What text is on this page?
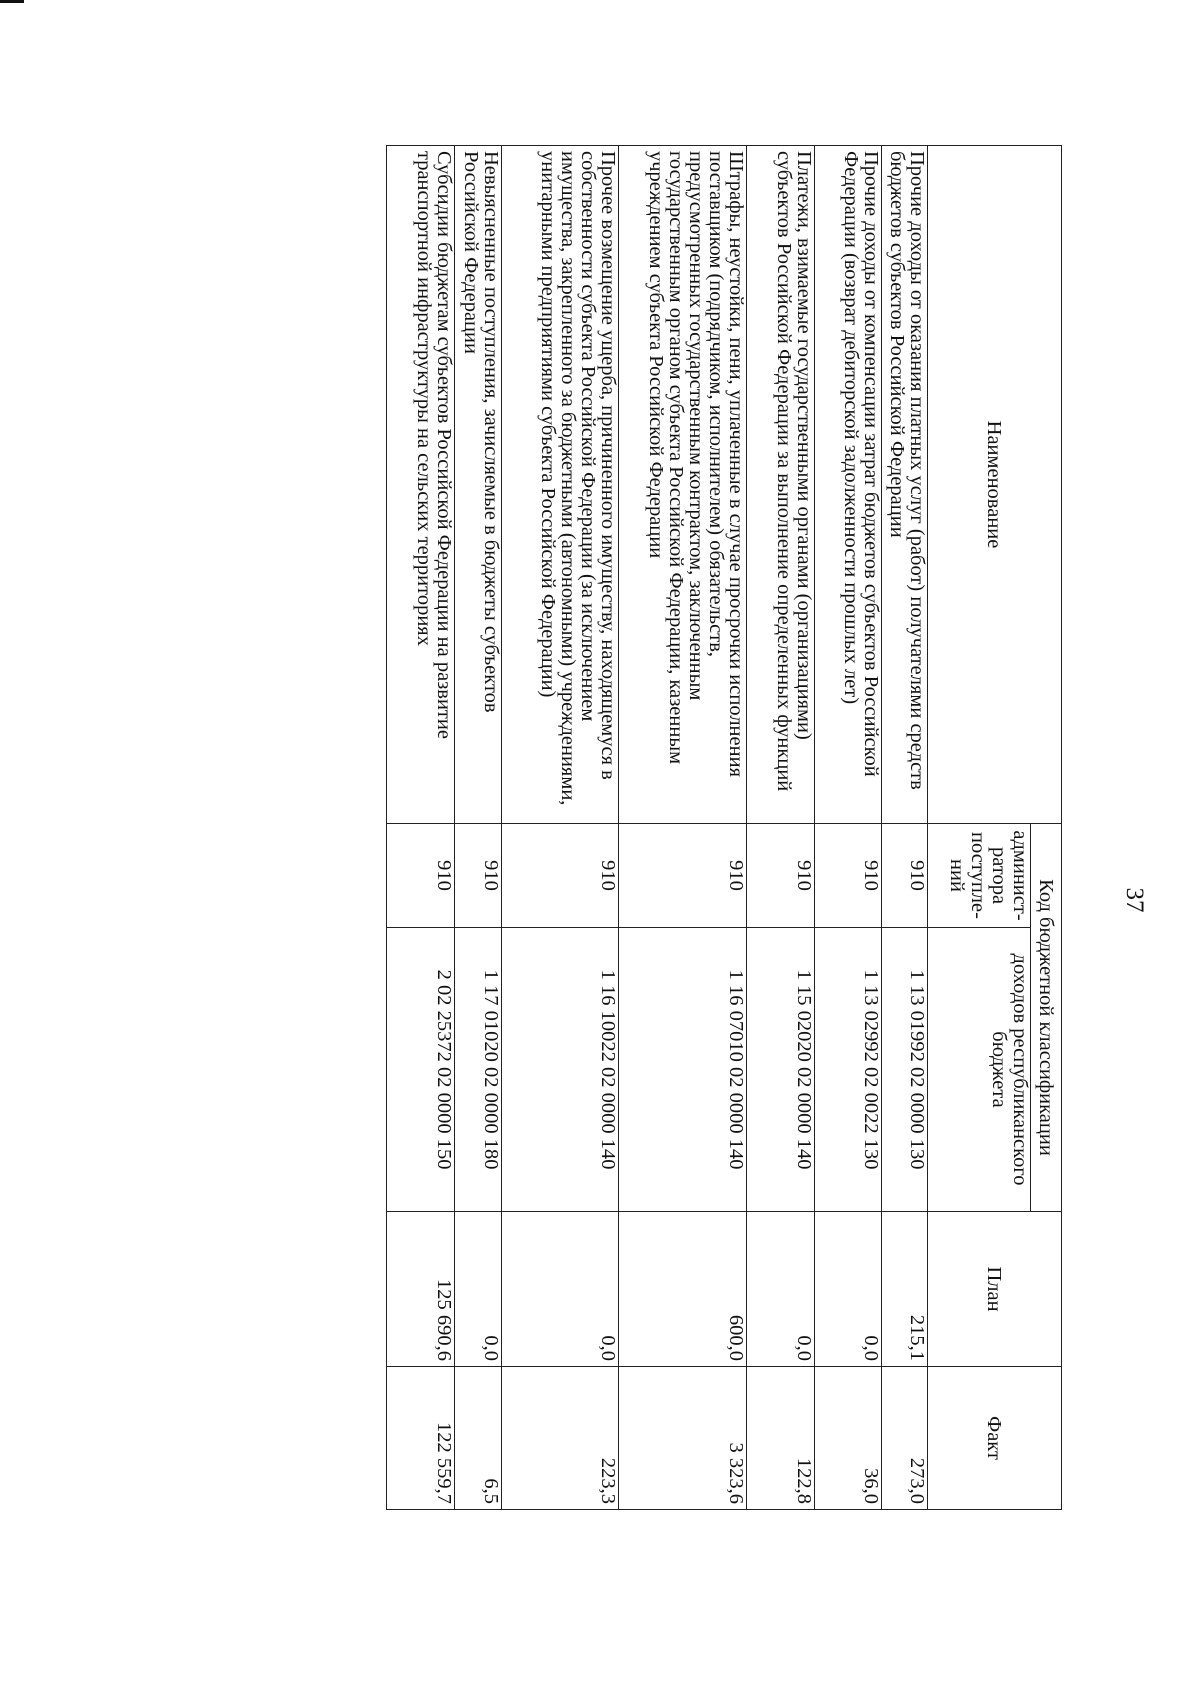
37
Наименование	Код бюджетной классификации		План	Факт
	админист-ратора поступле-ний	доходов республиканского бюджета		
Прочие доходы от оказания платных услуг (работ) получателями средств бюджетов субъектов Российской Федерации	910	1 13 01992 02 0000 130	215,1	273,0
Прочие доходы от компенсации затрат бюджетов субъектов Российской Федерации (возврат дебиторской задолженности прошлых лет)	910	1 13 02992 02 0022 130	0,0	36,0
Платежи, взимаемые государственными органами (организациями) субъектов Российской Федерации за выполнение определенных функций	910	1 15 02020 02 0000 140	0,0	122,8
Штрафы, неустойки, пени, уплаченные в случае просрочки исполнения поставщиком (подрядчиком, исполнителем) обязательств, предусмотренных государственным контрактом, заключенным государственным органом субъекта Российской Федерации, казенным учреждением субъекта Российской Федерации	910	1 16 07010 02 0000 140	600,0	3 323,6
Прочее возмещение ущерба, причиненного имуществу, находящемуся в собственности субъекта Российской Федерации (за исключением имущества, закрепленного за бюджетными (автономными) учреждениями, унитарными предприятиями субъекта Российской Федерации)	910	1 16 10022 02 0000 140	0,0	223,3
Невыясненные поступления, зачисляемые в бюджеты субъектов Российской Федерации	910	1 17 01020 02 0000 180	0,0	6,5
Субсидии бюджетам субъектов Российской Федерации на развитие транспортной инфраструктуры на сельских территориях	910	2 02 25372 02 0000 150	125 690,6	122 559,7
